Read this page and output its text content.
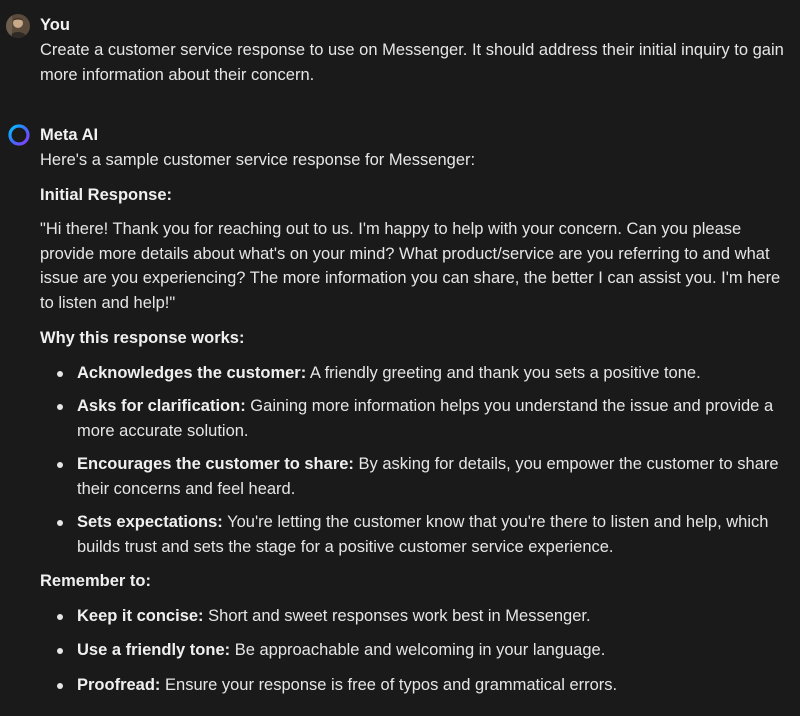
You

Create a customer service response to use on Messenger. It should address their initial inquiry to gain more information about their concern.

Meta AI

Here's a sample customer service response for Messenger:

Initial Response:

"Hi there! Thank you for reaching out to us. I'm happy to help with your concern. Can you please provide more details about what's on your mind? What product/service are you referring to and what issue are you experiencing? The more information you can share, the better I can assist you. I'm here to listen and help!"

Why this response works:

Acknowledges the customer: A friendly greeting and thank you sets a positive tone.
Asks for clarification: Gaining more information helps you understand the issue and provide a more accurate solution.
Encourages the customer to share: By asking for details, you empower the customer to share their concerns and feel heard.
Sets expectations: You're letting the customer know that you're there to listen and help, which builds trust and sets the stage for a positive customer service experience.

Remember to:

Keep it concise: Short and sweet responses work best in Messenger.
Use a friendly tone: Be approachable and welcoming in your language.
Proofread: Ensure your response is free of typos and grammatical errors.
